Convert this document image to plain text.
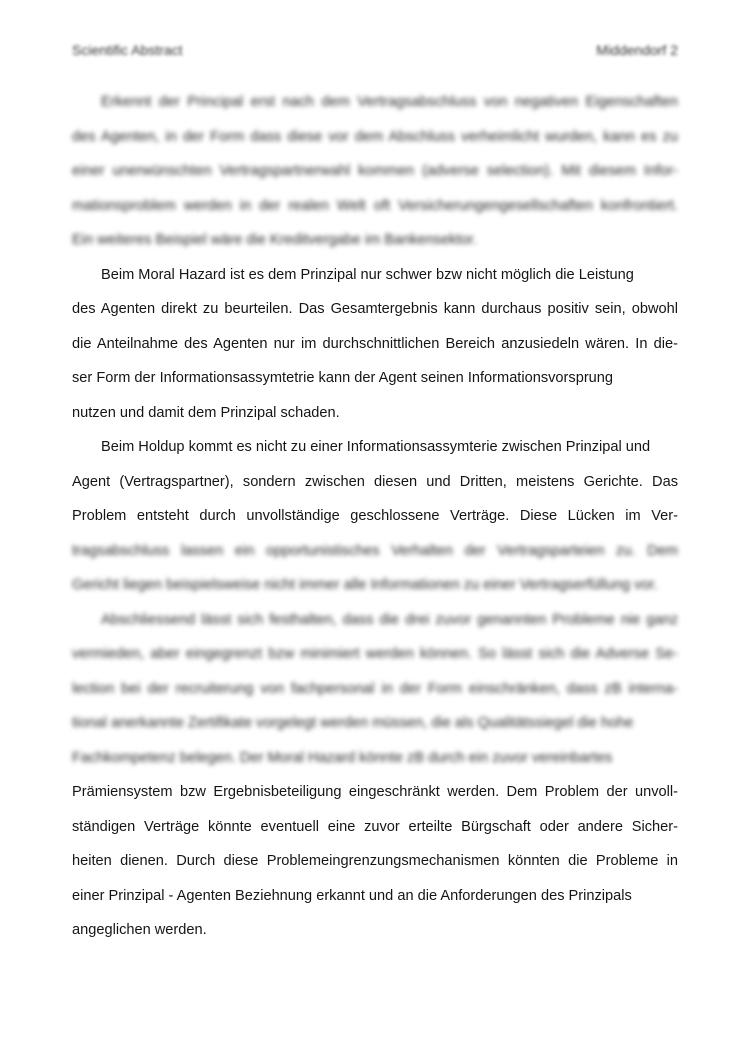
Scientific Abstract	Middendorf 2
Erkennt der Principal erst nach dem Vertragsabschluss von negativen Eigenschaften
des Agenten, in der Form dass diese vor dem Abschluss verheimlicht wurden, kann es zu
einer unerwünschten Vertragspartnerwahl kommen (adverse selection). Mit diesem Infor-
mationsproblem werden in der realen Welt oft Versicherungengesellschaften konfrontiert.
Ein weiteres Beispiel wäre die Kreditvergabe im Bankensektor.
Beim Moral Hazard ist es dem Prinzipal nur schwer bzw nicht möglich die Leistung
des Agenten direkt zu beurteilen. Das Gesamtergebnis kann durchaus positiv sein, obwohl
die Anteilnahme des Agenten nur im durchschnittlichen Bereich anzusiedeln wären. In die-
ser Form der Informationsassymtetrie kann der Agent seinen Informationsvorsprung
nutzen und damit dem Prinzipal schaden.
Beim Holdup kommt es nicht zu einer Informationsassymterie zwischen Prinzipal und
Agent (Vertragspartner), sondern zwischen diesen und Dritten, meistens Gerichte. Das
Problem entsteht durch unvollständige geschlossene Verträge. Diese Lücken im Ver-
tragsabschluss lassen ein opportunistisches Verhalten der Vertragsparteien zu. Dem
Gericht liegen beispielsweise nicht immer alle Informationen zu einer Vertragserfüllung vor.
Abschliessend lässt sich festhalten, dass die drei zuvor genannten Probleme nie ganz
vermieden, aber eingegrenzt bzw minimiert werden können. So lässt sich die Adverse Se-
lection bei der recruiterung von fachpersonal in der Form einschränken, dass zB interna-
tional anerkannte Zertifikate vorgelegt werden müssen, die als Qualitätssiegel die hohe
Fachkompetenz belegen. Der Moral Hazard könnte zB durch ein zuvor vereinbartes
Prämiensystem bzw Ergebnisbeteiligung eingeschränkt werden. Dem Problem der unvoll-
ständigen Verträge könnte eventuell eine zuvor erteilte Bürgschaft oder andere Sicher-
heiten dienen. Durch diese Problemeingrenzungsmechanismen könnten die Probleme in
einer Prinzipal - Agenten Beziehnung erkannt und an die Anforderungen des Prinzipals
angeglichen werden.
